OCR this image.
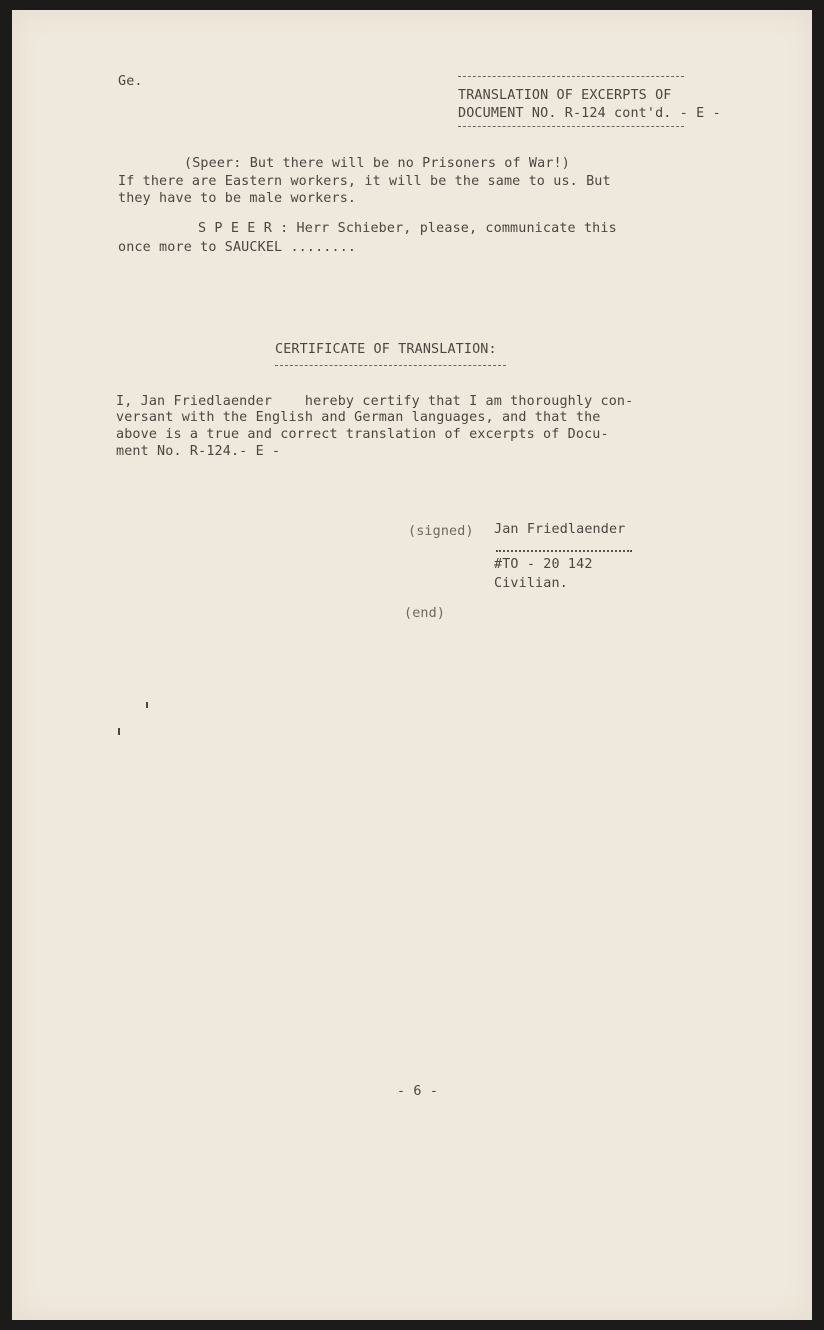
Ge.
TRANSLATION OF EXCERPTS OF
DOCUMENT NO. R-124 cont'd. - E -
(Speer: But there will be no Prisoners of War!)
If there are Eastern workers, it will be the same to us. But
they have to be male workers.
S P E E R : Herr Schieber, please, communicate this
once more to SAUCKEL ........
CERTIFICATE OF TRANSLATION:
I, Jan Friedlaender    hereby certify that I am thoroughly con-
versant with the English and German languages, and that the
above is a true and correct translation of excerpts of Docu-
ment No. R-124.- E -
(signed) Jan Friedlaender
#TO - 20 142
Civilian.
(end)
- 6 -
